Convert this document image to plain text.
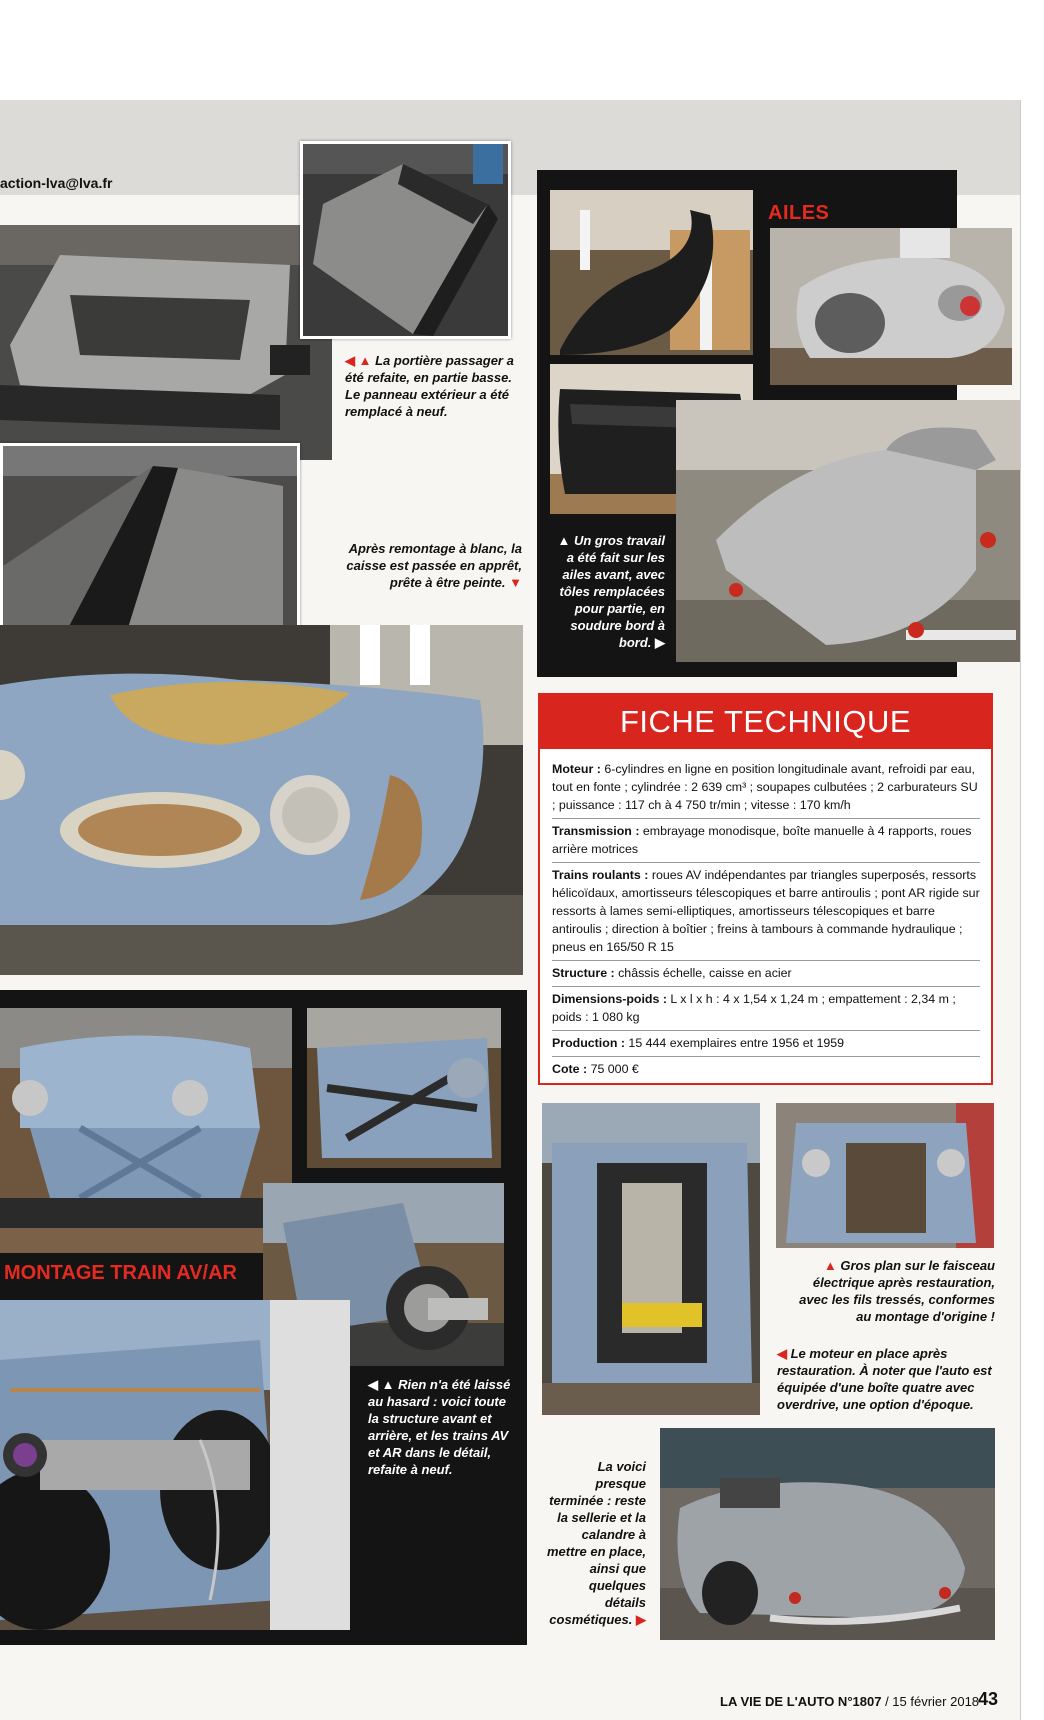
action-lva@lva.fr
◀ ▲ La portière passager a été refaite, en partie basse. Le panneau extérieur a été remplacé à neuf.
Après remontage à blanc, la caisse est passée en apprêt, prête à être peinte. ▼
AILES
▲ Un gros travail a été fait sur les ailes avant, avec tôles remplacées pour partie, en soudure bord à bord. ▶
FICHE TECHNIQUE
Moteur : 6-cylindres en ligne en position longitudinale avant, refroidi par eau, tout en fonte ; cylindrée : 2 639 cm³ ; soupapes culbutées ; 2 carburateurs SU ; puissance : 117 ch à 4 750 tr/min ; vitesse : 170 km/h
Transmission : embrayage monodisque, boîte manuelle à 4 rapports, roues arrière motrices
Trains roulants : roues AV indépendantes par triangles superposés, ressorts hélicoïdaux, amortisseurs télescopiques et barre antiroulis ; pont AR rigide sur ressorts à lames semi-elliptiques, amortisseurs télescopiques et barre antiroulis ; direction à boîtier ; freins à tambours à commande hydraulique ; pneus en 165/50 R 15
Structure : châssis échelle, caisse en acier
Dimensions-poids : L x l x h : 4 x 1,54 x 1,24 m ; empattement : 2,34 m ; poids : 1 080 kg
Production : 15 444 exemplaires entre 1956 et 1959
Cote : 75 000 €
MONTAGE TRAIN AV/AR
◀ ▲ Rien n'a été laissé au hasard : voici toute la structure avant et arrière, et les trains AV et AR dans le détail, refaite à neuf.
▲ Gros plan sur le faisceau électrique après restauration, avec les fils tressés, conformes au montage d'origine !
◀ Le moteur en place après restauration. À noter que l'auto est équipée d'une boîte quatre avec overdrive, une option d'époque.
La voici presque terminée : reste la sellerie et la calandre à mettre en place, ainsi que quelques détails cosmétiques. ▶
LA VIE DE L'AUTO N°1807 / 15 février 2018
43
